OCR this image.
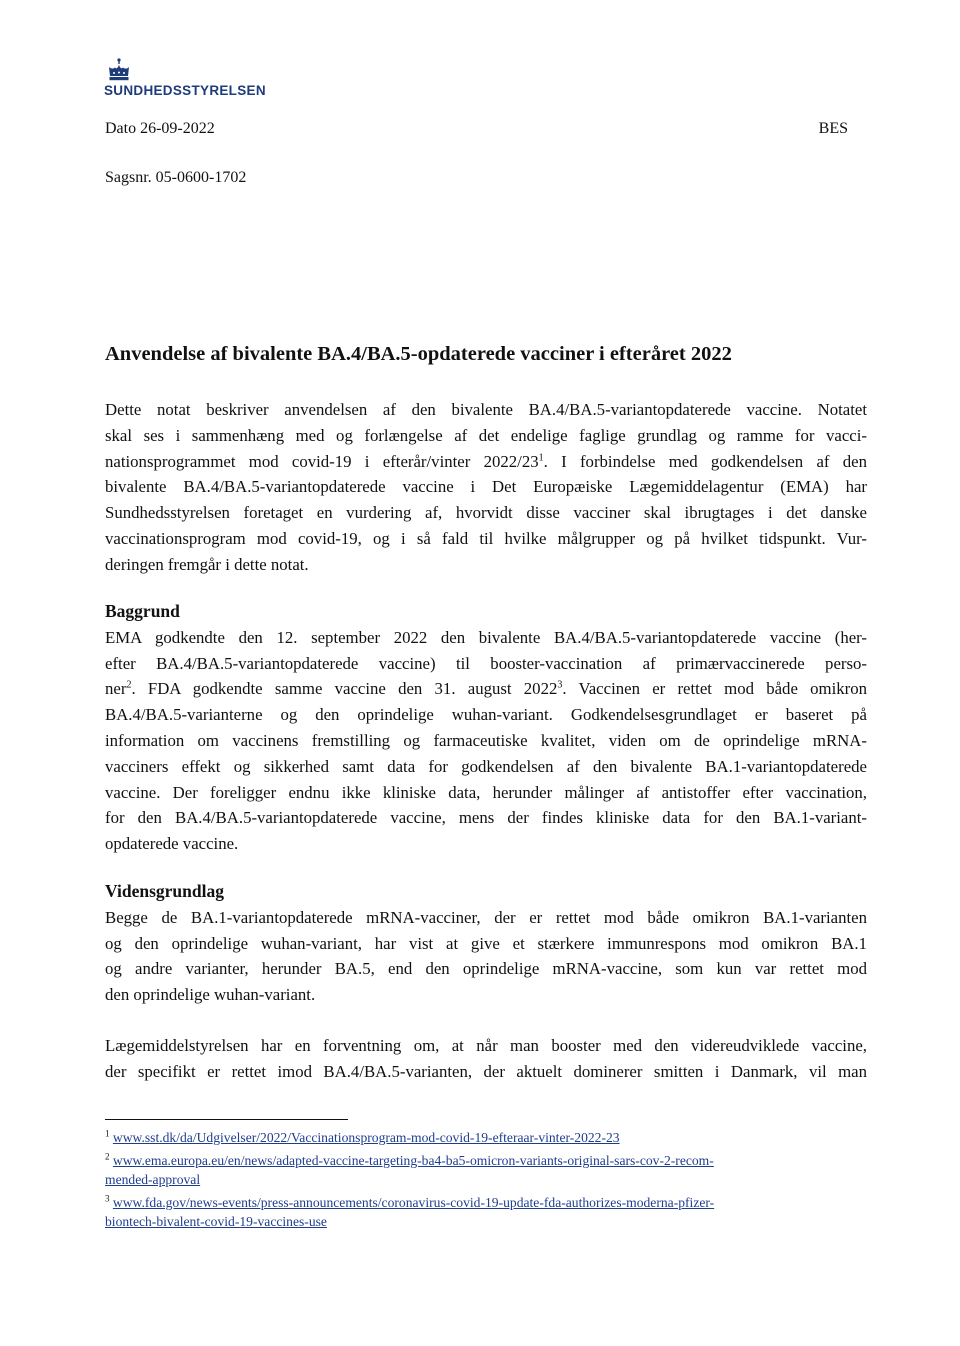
SUNDHEDSSTYRELSEN
Dato 26-09-2022	BES
Sagsnr. 05-0600-1702
Anvendelse af bivalente BA.4/BA.5-opdaterede vacciner i efteråret 2022
Dette notat beskriver anvendelsen af den bivalente BA.4/BA.5-variantopdaterede vaccine. Notatet
skal ses i sammenhæng med og forlængelse af det endelige faglige grundlag og ramme for vacci-
nationsprogrammet mod covid-19 i efterår/vinter $2022/23^1$. I forbindelse med godkendelsen af den
bivalente BA.4/BA.5-variantopdaterede vaccine i Det Europæiske Lægemiddelagentur (EMA) har
Sundhedsstyrelsen foretaget en vurdering af, hvorvidt disse vacciner skal ibrugtages i det danske
vaccinationsprogram mod covid-19, og i så fald til hvilke målgrupper og på hvilket tidspunkt. Vur-
deringen fremgår i dette notat.
Baggrund
EMA godkendte den 12. september 2022 den bivalente BA.4/BA.5-variantopdaterede vaccine (her-
efter BA.4/BA.5-variantopdaterede vaccine) til booster-vaccination af primærvaccinerede perso-
ner$^2$. FDA godkendte samme vaccine den 31. august 2022$^3$. Vaccinen er rettet mod både omikron
BA.4/BA.5-varianterne og den oprindelige wuhan-variant. Godkendelsesgrundlaget er baseret på
information om vaccinens fremstilling og farmaceutiske kvalitet, viden om de oprindelige mRNA-
vacciners effekt og sikkerhed samt data for godkendelsen af den bivalente BA.1-variantopdaterede
vaccine. Der foreligger endnu ikke kliniske data, herunder målinger af antistoffer efter vaccination,
for den BA.4/BA.5-variantopdaterede vaccine, mens der findes kliniske data for den BA.1-variant-
opdaterede vaccine.
Vidensgrundlag
Begge de BA.1-variantopdaterede mRNA-vacciner, der er rettet mod både omikron BA.1-varianten
og den oprindelige wuhan-variant, har vist at give et stærkere immunrespons mod omikron BA.1
og andre varianter, herunder BA.5, end den oprindelige mRNA-vaccine, som kun var rettet mod
den oprindelige wuhan-variant.
Lægemiddelstyrelsen har en forventning om, at når man booster med den videreudviklede vaccine,
der specifikt er rettet imod BA.4/BA.5-varianten, der aktuelt dominerer smitten i Danmark, vil man
$^1$ www.sst.dk/da/Udgivelser/2022/Vaccinationsprogram-mod-covid-19-efteraar-vinter-2022-23
$^2$ www.ema.europa.eu/en/news/adapted-vaccine-targeting-ba4-ba5-omicron-variants-original-sars-cov-2-recom-
mended-approval
$^3$ www.fda.gov/news-events/press-announcements/coronavirus-covid-19-update-fda-authorizes-moderna-pfizer-
biontech-bivalent-covid-19-vaccines-use
